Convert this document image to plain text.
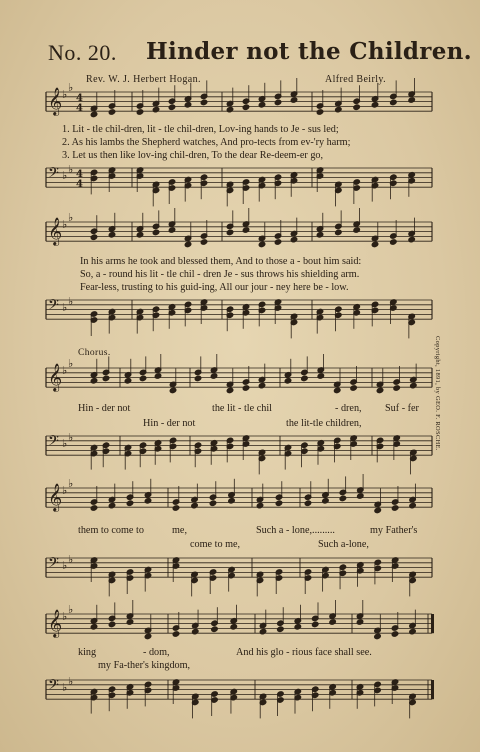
No. 20. Hinder not the Children.
Rev. W. J. Herbert Hogan.	Alfred Beirly.
𝄞 ♭
♭
4
4
𝄢 ♭ ♭ 4
4
𝄞 ♭
♭
𝄢 ♭ ♭
𝄞 ♭
♭
𝄢 ♭ ♭
𝄞 ♭
♭
𝄢 ♭ ♭
𝄞 ♭
♭
𝄢 ♭ ♭
1. Lit - tle chil-dren, lit - tle chil-dren, Lov-ing hands to Je - sus led;
2. As his lambs the Shepherd watches, And pro-tects from ev-'ry harm;
3. Let us then like lov-ing chil-dren, To the dear Re-deem-er go,
In his arms he took and blessed them, And to those a - bout him said:
So, a - round his lit - tle chil - dren Je - sus throws his shielding arm.
Fear-less, trusting to his guid-ing, All our jour - ney here be - low.
Chorus.
Hin - der not	the lit - tle chil	- dren, Suf - fer
Hin - der not	the lit-tle children,
them to come to	me,	Such a - lone,.........	my Father's
come to me,	Such a-lone,
king	- dom,	And his glo - rious face shall see.
my Fa-ther's kingdom,
Copyright, 1891, by GEO. F. ROSCHE.
